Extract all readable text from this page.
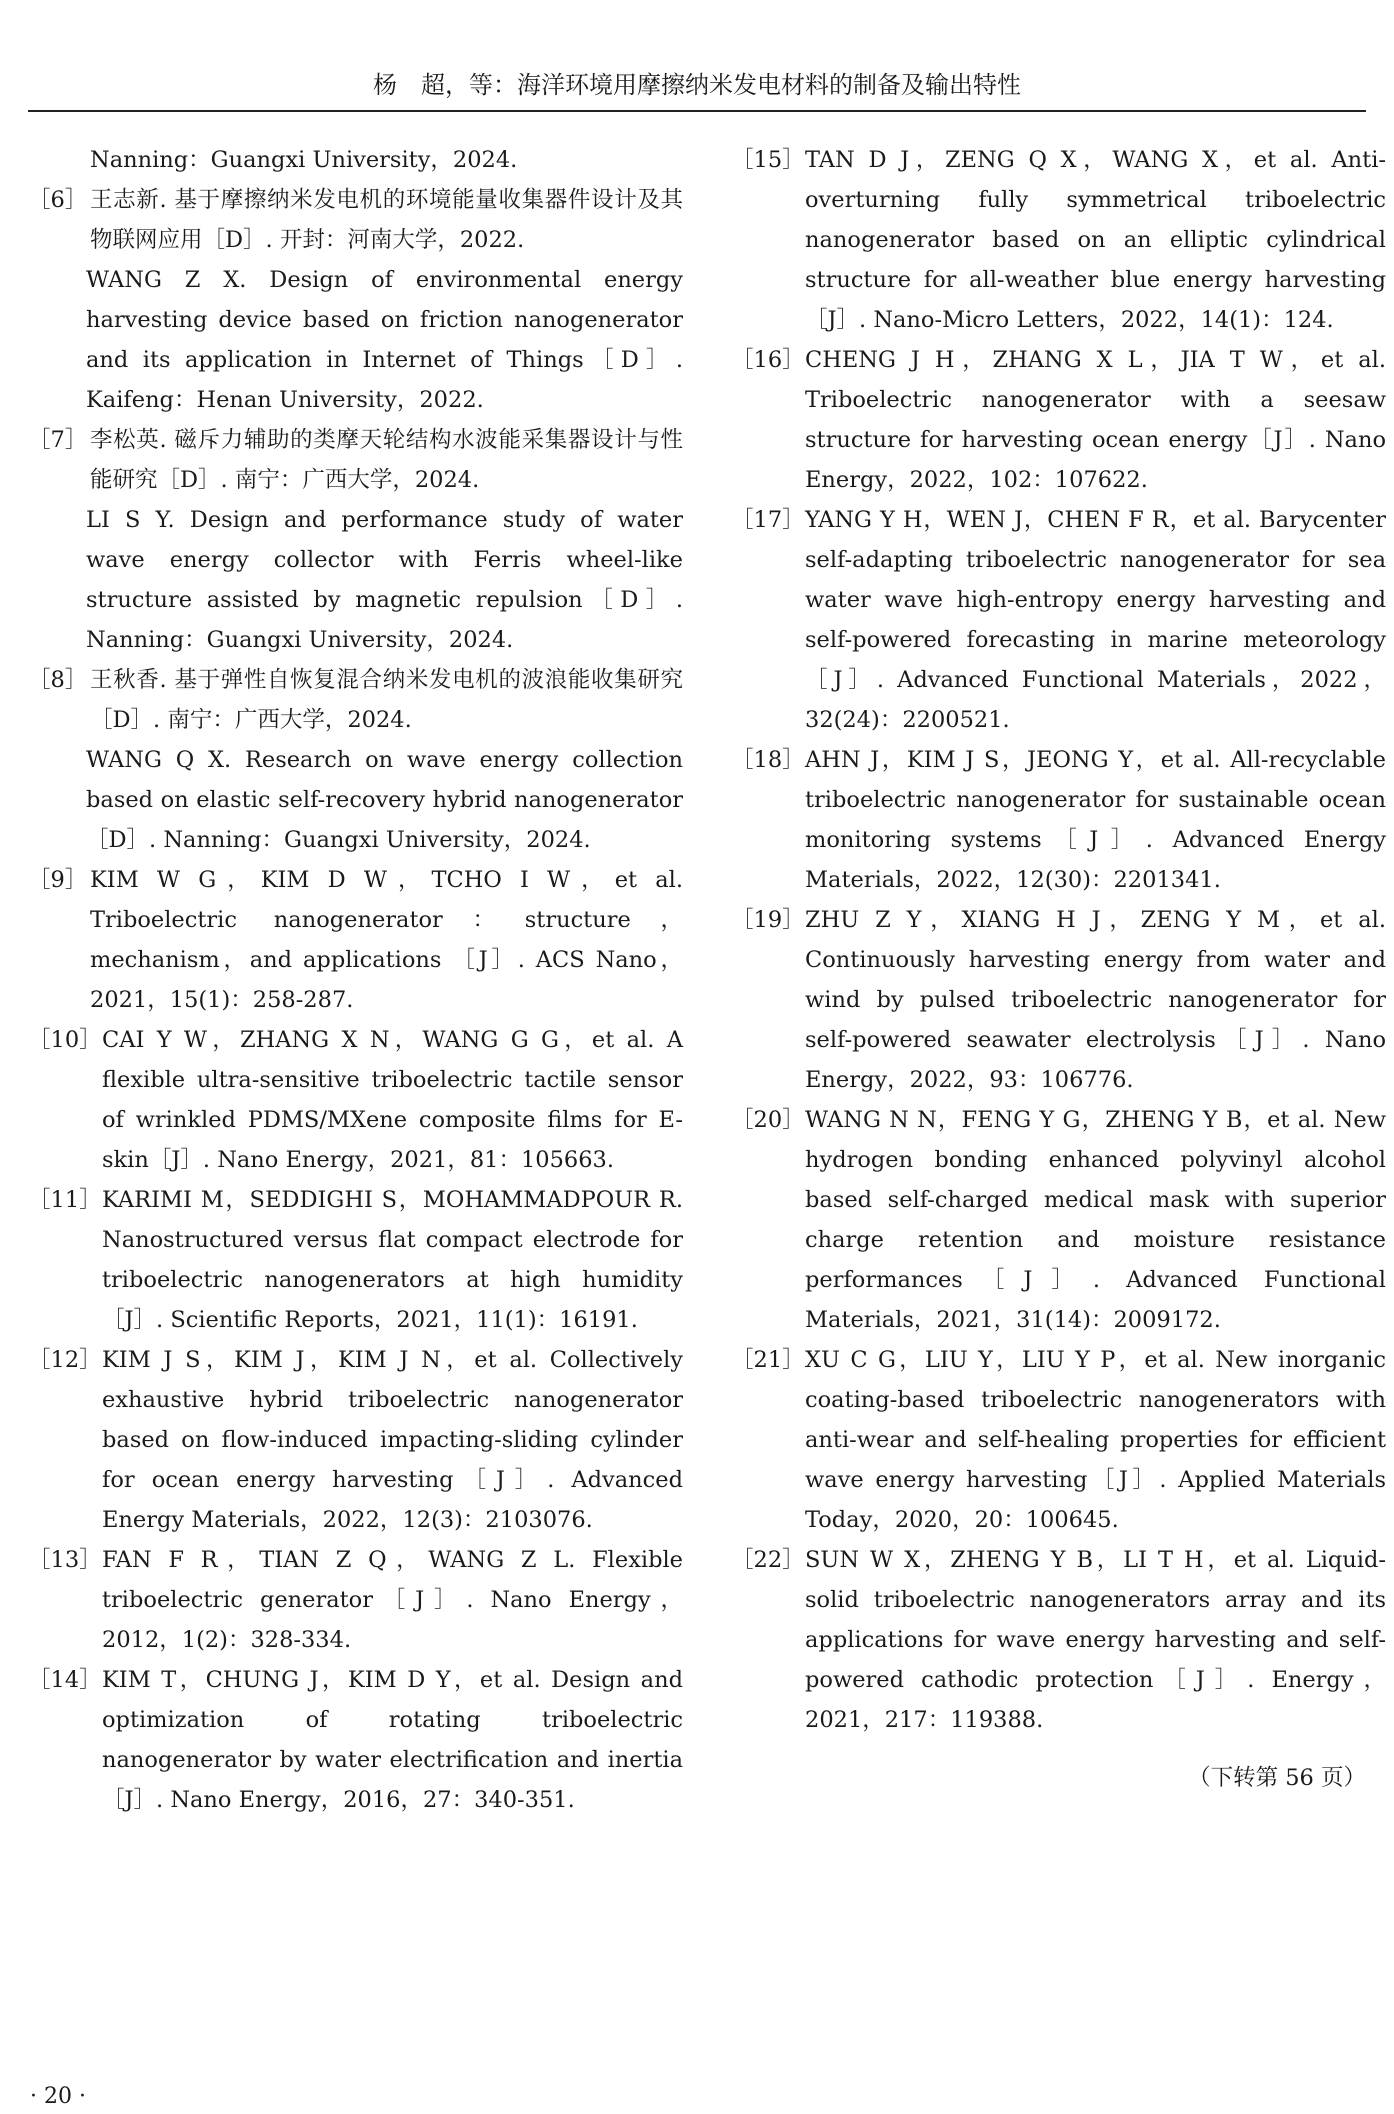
杨　超，等：海洋环境用摩擦纳米发电材料的制备及输出特性
Nanning：Guangxi University，2024.
［6］ 王志新. 基于摩擦纳米发电机的环境能量收集器件设计及其物联网应用［D］. 开封：河南大学，2022.
WANG Z X. Design of environmental energy harvesting device based on friction nanogenerator and its application in Internet of Things［D］. Kaifeng：Henan University，2022.
［7］ 李松英. 磁斥力辅助的类摩天轮结构水波能采集器设计与性能研究［D］. 南宁：广西大学，2024.
LI S Y. Design and performance study of water wave energy collector with Ferris wheel-like structure assisted by magnetic repulsion［D］. Nanning：Guangxi University，2024.
［8］ 王秋香. 基于弹性自恢复混合纳米发电机的波浪能收集研究［D］. 南宁：广西大学，2024.
WANG Q X. Research on wave energy collection based on elastic self-recovery hybrid nanogenerator ［D］. Nanning：Guangxi University，2024.
［9］ KIM W G，KIM D W，TCHO I W，et al. Triboelectric nanogenerator：structure，mechanism，and applications ［J］. ACS Nano，2021，15(1)：258-287.
［10］ CAI Y W，ZHANG X N，WANG G G，et al. A flexible ultra-sensitive triboelectric tactile sensor of wrinkled PDMS/MXene composite films for E-skin［J］. Nano Energy，2021，81：105663.
［11］ KARIMI M，SEDDIGHI S，MOHAMMADPOUR R. Nanostructured versus flat compact electrode for triboelectric nanogenerators at high humidity［J］. Scientific Reports，2021，11(1)：16191.
［12］ KIM J S，KIM J，KIM J N，et al. Collectively exhaustive hybrid triboelectric nanogenerator based on flow-induced impacting-sliding cylinder for ocean energy harvesting［J］. Advanced Energy Materials，2022，12(3)：2103076.
［13］ FAN F R，TIAN Z Q，WANG Z L. Flexible triboelectric generator［J］. Nano Energy，2012，1(2)：328-334.
［14］ KIM T，CHUNG J，KIM D Y，et al. Design and optimization of rotating triboelectric nanogenerator by water electrification and inertia［J］. Nano Energy，2016，27：340-351.
［15］ TAN D J，ZENG Q X，WANG X，et al. Anti-overturning fully symmetrical triboelectric nanogenerator based on an elliptic cylindrical structure for all-weather blue energy harvesting［J］. Nano-Micro Letters，2022，14(1)：124.
［16］ CHENG J H，ZHANG X L，JIA T W，et al. Triboelectric nanogenerator with a seesaw structure for harvesting ocean energy［J］. Nano Energy，2022，102：107622.
［17］ YANG Y H，WEN J，CHEN F R，et al. Barycenter self-adapting triboelectric nanogenerator for sea water wave high-entropy energy harvesting and self-powered forecasting in marine meteorology［J］. Advanced Functional Materials，2022，32(24)：2200521.
［18］ AHN J，KIM J S，JEONG Y，et al. All-recyclable triboelectric nanogenerator for sustainable ocean monitoring systems［J］. Advanced Energy Materials，2022，12(30)：2201341.
［19］ ZHU Z Y，XIANG H J，ZENG Y M，et al. Continuously harvesting energy from water and wind by pulsed triboelectric nanogenerator for self-powered seawater electrolysis［J］. Nano Energy，2022，93：106776.
［20］ WANG N N，FENG Y G，ZHENG Y B，et al. New hydrogen bonding enhanced polyvinyl alcohol based self-charged medical mask with superior charge retention and moisture resistance performances［J］. Advanced Functional Materials，2021，31(14)：2009172.
［21］ XU C G，LIU Y，LIU Y P，et al. New inorganic coating-based triboelectric nanogenerators with anti-wear and self-healing properties for efficient wave energy harvesting［J］. Applied Materials Today，2020，20：100645.
［22］ SUN W X，ZHENG Y B，LI T H，et al. Liquid-solid triboelectric nanogenerators array and its applications for wave energy harvesting and self-powered cathodic protection［J］. Energy，2021，217：119388.
（下转第 56 页）
· 20 ·
